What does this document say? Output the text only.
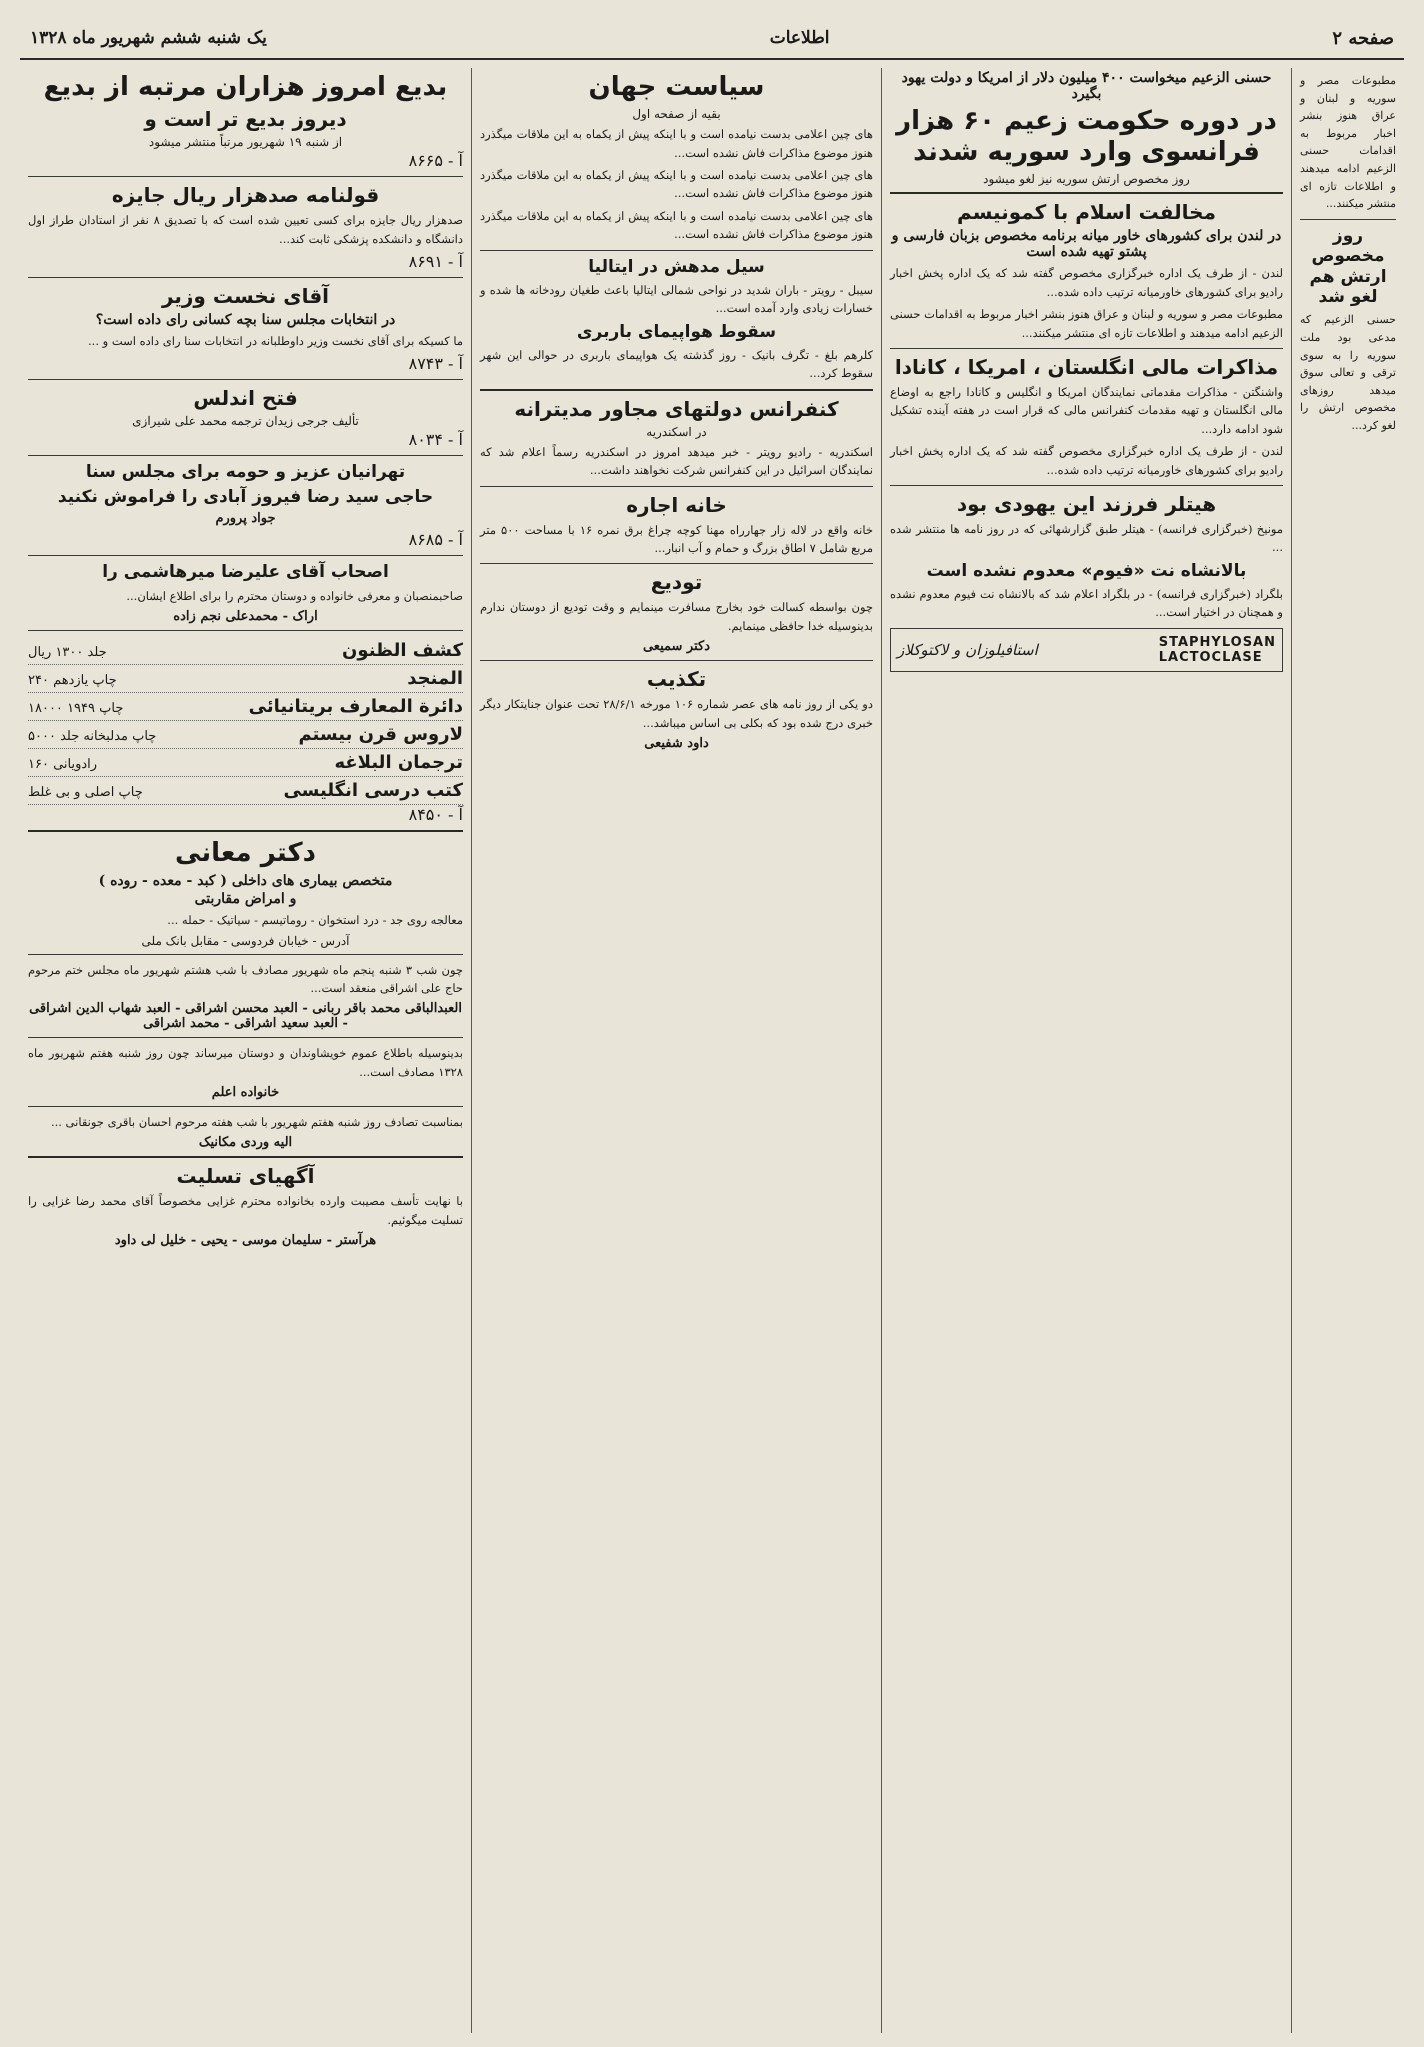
صفحه ۲
اطلاعات
یک شنبه ششم شهریور ماه ۱۳۲۸
مطبوعات مصر و سوریه و لبنان و عراق هنوز بنشر اخبار مربوط به اقدامات حسنی الزعیم ادامه میدهند و اطلاعات تازه ای منتشر میکنند...
روز مخصوص ارتش هم لغو شد
حسنی الزعیم که مدعی بود ملت سوریه را به سوی ترقی و تعالی سوق میدهد روزهای مخصوص ارتش را لغو کرد...
حسنی الزعیم میخواست ۴۰۰ میلیون دلار از امریکا و دولت یهود بگیرد
در دوره حکومت زعیم ۶۰ هزار فرانسوی وارد سوریه شدند
روز مخصوص ارتش سوریه نیز لغو میشود
مخالفت اسلام با کمونیسم
در لندن برای کشورهای خاور میانه برنامه مخصوص بزبان فارسی و پشتو تهیه شده است
لندن - از طرف یک اداره خبرگزاری مخصوص گفته شد که یک اداره پخش اخبار رادیو برای کشورهای خاورمیانه ترتیب داده شده...
مطبوعات مصر و سوریه و لبنان و عراق هنوز بنشر اخبار مربوط به اقدامات حسنی الزعیم ادامه میدهند و اطلاعات تازه ای منتشر میکنند...
مذاکرات مالی انگلستان ، امریکا ، کانادا
واشنگتن - مذاکرات مقدماتی نمایندگان امریکا و انگلیس و کانادا راجع به اوضاع مالی انگلستان و تهیه مقدمات کنفرانس مالی که قرار است در هفته آینده تشکیل شود ادامه دارد...
لندن - از طرف یک اداره خبرگزاری مخصوص گفته شد که یک اداره پخش اخبار رادیو برای کشورهای خاورمیانه ترتیب داده شده...
هیتلر فرزند این یهودی بود
مونیخ (خبرگزاری فرانسه) - هیتلر طبق گزارشهائی که در روز نامه ها منتشر شده ...
بالانشاه نت «فیوم» معدوم نشده است
بلگراد (خبرگزاری فرانسه) - در بلگراد اعلام شد که بالانشاه نت فیوم معدوم نشده و همچنان در اختیار است...
STAPHYLOSAN
LACTOCLASE
استافیلوزان و لاکتوکلاز
سیاست جهان
بقیه از صفحه اول
های چین اعلامی بدست نیامده است و با اینکه پیش از یکماه به این ملاقات میگذرد هنوز موضوع مذاکرات فاش نشده است...
های چین اعلامی بدست نیامده است و با اینکه پیش از یکماه به این ملاقات میگذرد هنوز موضوع مذاکرات فاش نشده است...
های چین اعلامی بدست نیامده است و با اینکه پیش از یکماه به این ملاقات میگذرد هنوز موضوع مذاکرات فاش نشده است...
سیل مدهش در ایتالیا
سیبل - رویتر - باران شدید در نواحی شمالی ایتالیا باعث طغیان رودخانه ها شده و خسارات زیادی وارد آمده است...
سقوط هواپیمای باربری
کلرهم بلغ - تگرف بانیک - روز گذشته یک هواپیمای باربری در حوالی این شهر سقوط کرد...
کنفرانس دولتهای مجاور مدیترانه
در اسکندریه
اسکندریه - رادیو رویتر - خبر میدهد امروز در اسکندریه رسماً اعلام شد که نمایندگان اسرائیل در این کنفرانس شرکت نخواهند داشت...
خانه اجاره
خانه واقع در لاله زار جهارراه مهنا کوچه چراغ برق نمره ۱۶ با مساحت ۵۰۰ متر مربع شامل ۷ اطاق بزرگ و حمام و آب انبار...
تودیع
چون بواسطه کسالت خود بخارج مسافرت مینمایم و وقت تودیع از دوستان ندارم بدینوسیله خدا حافظی مینمایم.
دکتر سمیعی
تکذیب
دو یکی از روز نامه های عصر شماره ۱۰۶ مورخه ۲۸/۶/۱ تحت عنوان جنایتکار دیگر خبری درج شده بود که بکلی بی اساس میباشد...
داود شفیعی
بدیع امروز هزاران مرتبه از بدیع
دیروز بدیع تر است و
از شنبه ۱۹ شهریور مرتباً منتشر میشود
آ - ۸۶۶۵
قولنامه صدهزار ریال جایزه
صدهزار ریال جایزه برای کسی تعیین شده است که با تصدیق ۸ نفر از استادان طراز اول دانشگاه و دانشکده پزشکی ثابت کند...
آ - ۸۶۹۱
آقای نخست وزیر
در انتخابات مجلس سنا بچه کسانی رای داده است؟
ما کسیکه برای آقای نخست وزیر داوطلبانه در انتخابات سنا رای داده است و ...
آ - ۸۷۴۳
فتح اندلس
تألیف جرجی زیدان ترجمه محمد علی شیرازی
آ - ۸۰۳۴
تهرانیان عزیز و حومه برای مجلس سنا
حاجی سید رضا فیروز آبادی را فراموش نکنید
جواد پرورم
آ - ۸۶۸۵
اصحاب آقای علیرضا میرهاشمی را
صاحبمنصبان و معرفی خانواده و دوستان محترم را برای اطلاع ایشان...
اراک - محمدعلی نجم زاده
کشف الظنون
جلد ۱۳۰۰ ریال
المنجد
چاپ یازدهم ۲۴۰
دائرة المعارف بریتانیائی
چاپ ۱۹۴۹ ۱۸۰۰۰
لاروس قرن بیستم
چاپ مدلبخانه جلد ۵۰۰۰
ترجمان البلاغه
رادویانی ۱۶۰
کتب درسی انگلیسی
چاپ اصلی و بی غلط
آ - ۸۴۵۰
دکتر معانی
متخصص بیماری های داخلی ( کبد - معده - روده )
و امراض مقاربتی
معالجه روی جد - درد استخوان - روماتیسم - سیاتیک - حمله ...
آدرس - خیابان فردوسی - مقابل بانک ملی
چون شب ۳ شنبه پنجم ماه شهریور مصادف با شب هشتم شهریور ماه مجلس ختم مرحوم حاج علی اشراقی منعقد است...
العبدالباقی محمد باقر ربانی - العبد محسن اشراقی - العبد شهاب الدین اشراقی - العبد سعید اشراقی - محمد اشراقی
بدینوسیله باطلاع عموم خویشاوندان و دوستان میرساند چون روز شنبه هفتم شهریور ماه ۱۳۲۸ مصادف است...
خانواده اعلم
بمناسبت تصادف روز شنبه هفتم شهریور با شب هفته مرحوم احسان باقری جونقانی ...
الیه وردی مکانیک
آگهیای تسلیت
با نهایت تأسف مصیبت وارده بخانواده محترم غزایی مخصوصاً آقای محمد رضا غزایی را تسلیت میگوئیم.
هرآستر - سلیمان موسی - یحیی - خلیل لی داود
